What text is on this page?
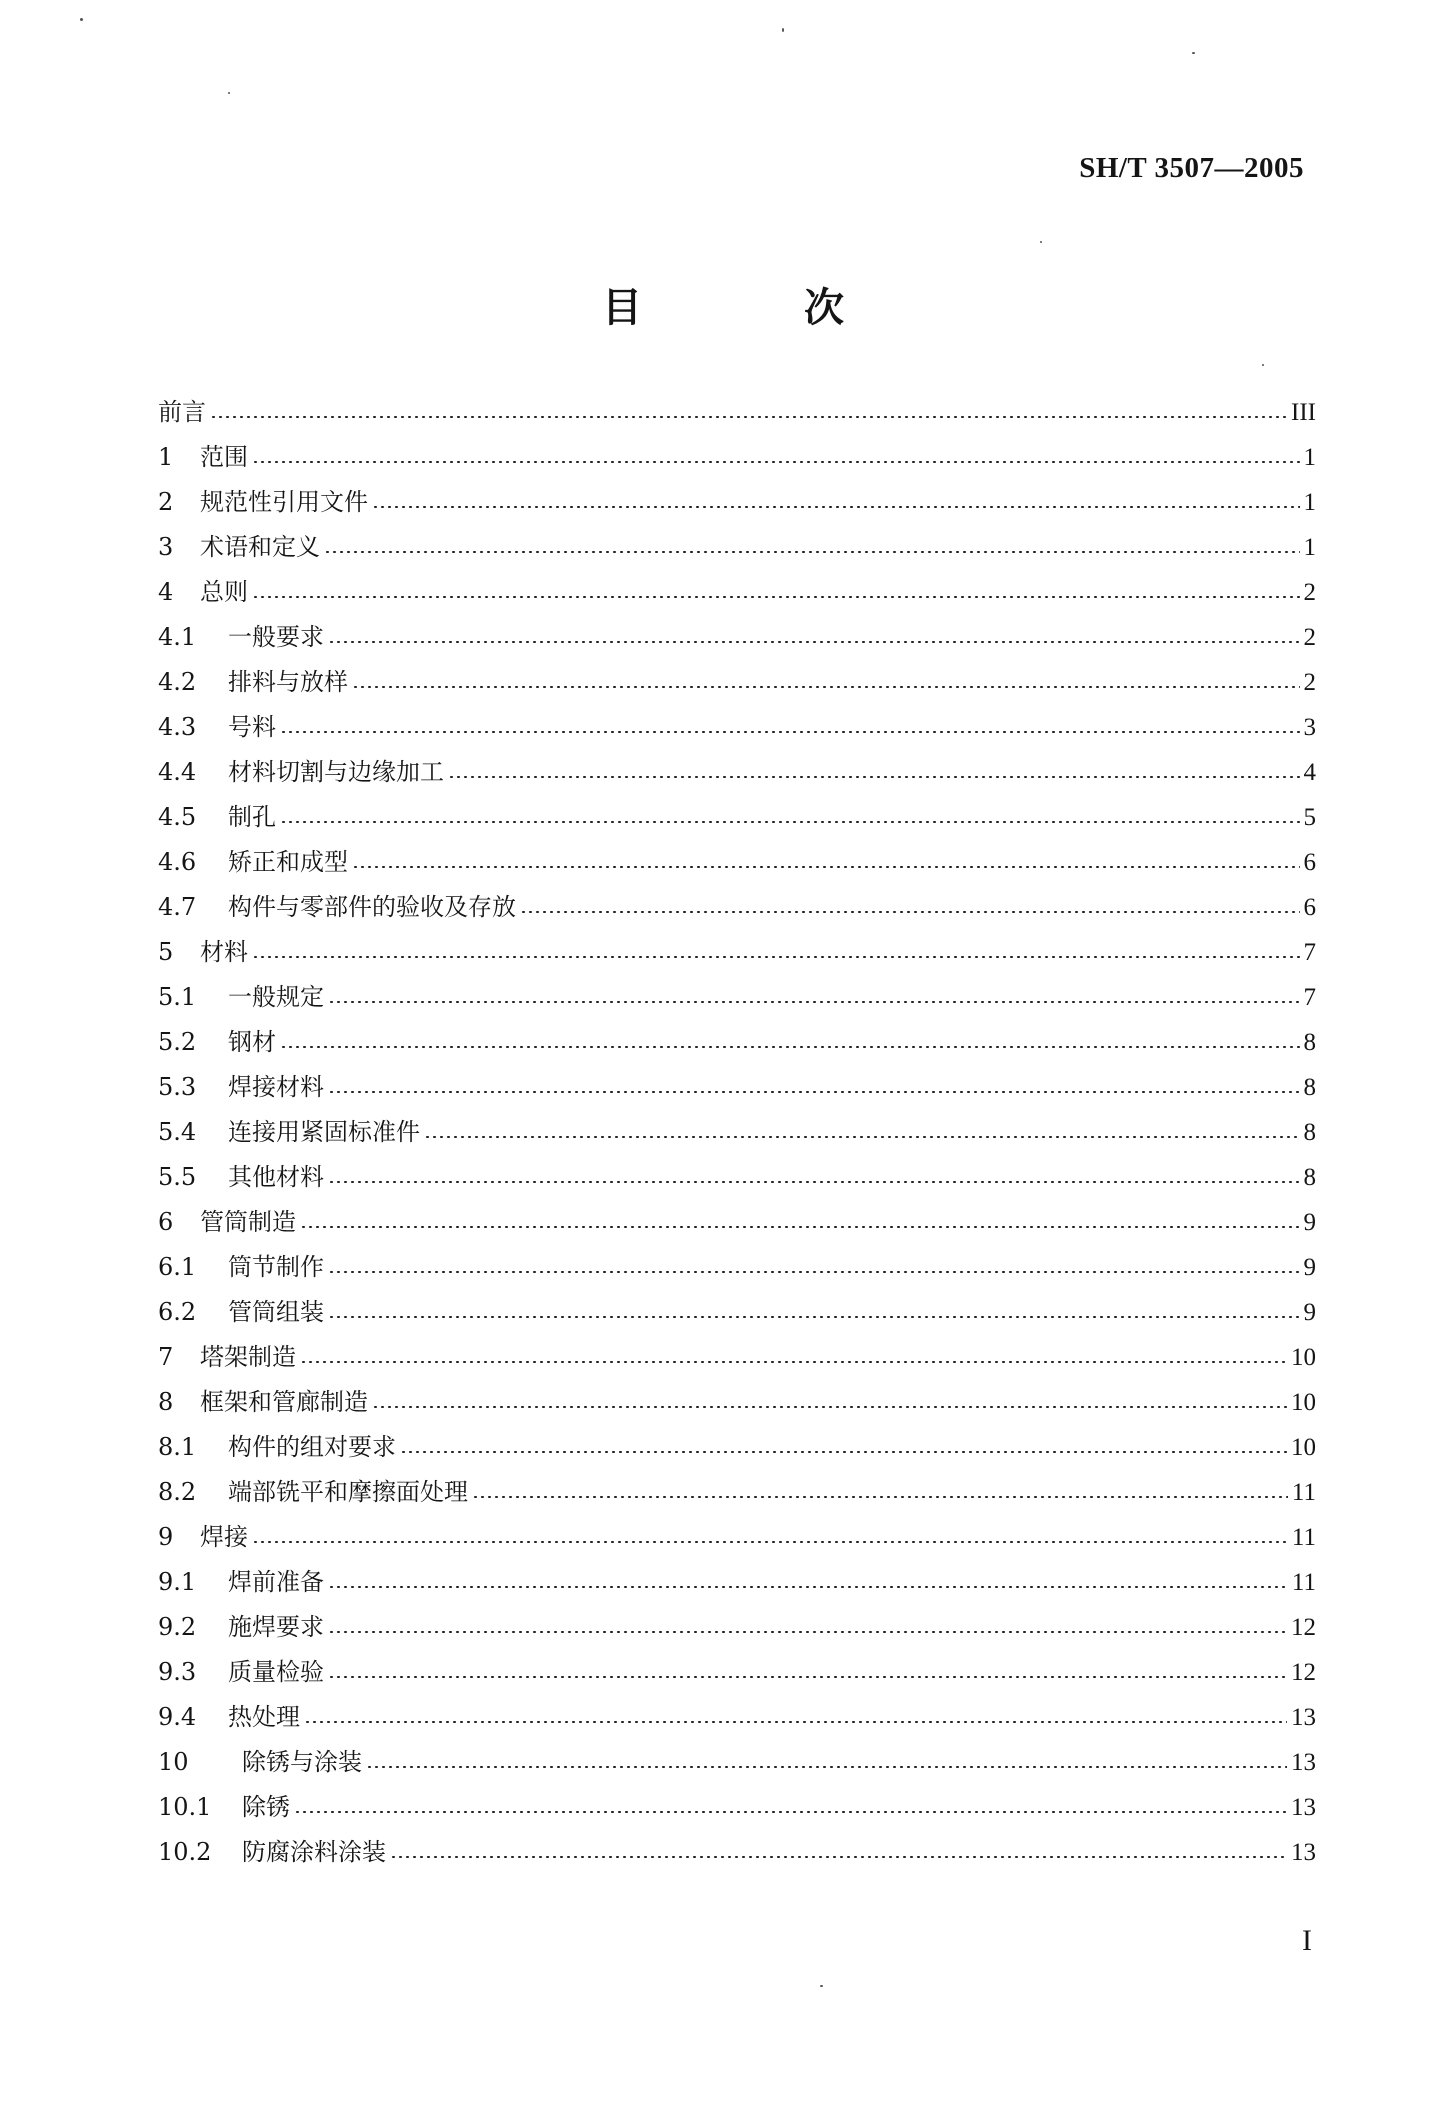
SH/T 3507—2005
目 次
前言	III
1	范围	1
2	规范性引用文件	1
3	术语和定义	1
4	总则	2
4.1	一般要求	2
4.2	排料与放样	2
4.3	号料	3
4.4	材料切割与边缘加工	4
4.5	制孔	5
4.6	矫正和成型	6
4.7	构件与零部件的验收及存放	6
5	材料	7
5.1	一般规定	7
5.2	钢材	8
5.3	焊接材料	8
5.4	连接用紧固标准件	8
5.5	其他材料	8
6	管筒制造	9
6.1	筒节制作	9
6.2	管筒组装	9
7	塔架制造	10
8	框架和管廊制造	10
8.1	构件的组对要求	10
8.2	端部铣平和摩擦面处理	11
9	焊接	11
9.1	焊前准备	11
9.2	施焊要求	12
9.3	质量检验	12
9.4	热处理	13
10	除锈与涂装	13
10.1	除锈	13
10.2	防腐涂料涂装	13
I
